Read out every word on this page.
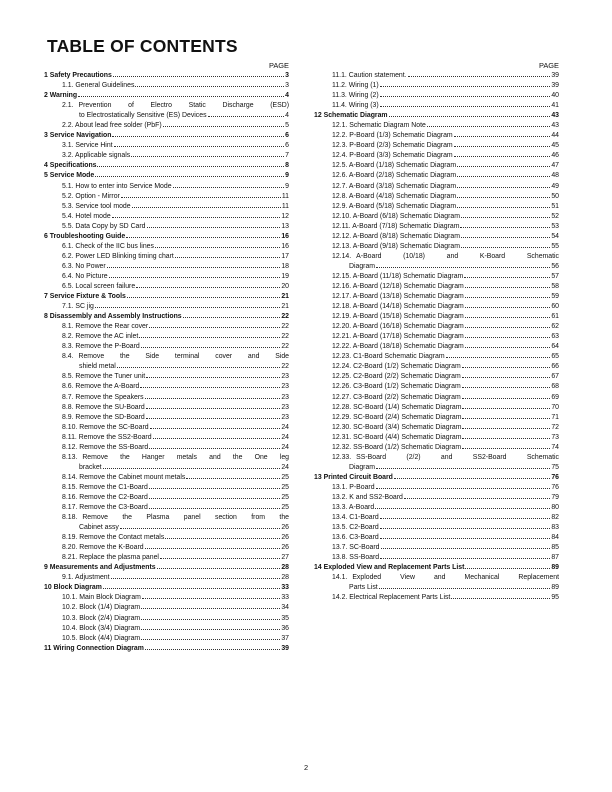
TABLE OF CONTENTS
PAGE
1 Safety Precautions	3
1.1. General Guidelines	3
2 Warning	4
2.1. Prevention of Electro Static Discharge (ESD)
to Electrostatically Sensitive (ES) Devices	4
2.2. About lead free solder (PbF)	5
3 Service Navigation	6
3.1. Service Hint	6
3.2. Applicable signals	7
4 Specifications	8
5 Service Mode	9
5.1. How to enter into Service Mode	9
5.2. Option - Mirror	11
5.3. Service tool mode	11
5.4. Hotel mode	12
5.5. Data Copy by SD Card	13
6 Troubleshooting Guide	16
6.1. Check of the IIC bus lines	16
6.2. Power LED Blinking timing chart	17
6.3. No Power	18
6.4. No Picture	19
6.5. Local screen failure	20
7 Service Fixture & Tools	21
7.1. SC jig	21
8 Disassembly and Assembly Instructions	22
8.1. Remove the Rear cover	22
8.2. Remove the AC inlet	22
8.3. Remove the P-Board	22
8.4. Remove the Side terminal cover and Side
shield metal	22
8.5. Remove the Tuner unit	23
8.6. Remove the A-Board	23
8.7. Remove the Speakers	23
8.8. Remove the SU-Board	23
8.9. Remove the SD-Board	23
8.10. Remove the SC-Board	24
8.11. Remove the SS2-Board	24
8.12. Remove the SS-Board	24
8.13. Remove the Hanger metals and the One leg
bracket	24
8.14. Remove the Cabinet mount metals	25
8.15. Remove the C1-Board	25
8.16. Remove the C2-Board	25
8.17. Remove the C3-Board	25
8.18. Remove the Plasma panel section from the
Cabinet assy	26
8.19. Remove the Contact metals	26
8.20. Remove the K-Board	26
8.21. Replace the plasma panel	27
9 Measurements and Adjustments	28
9.1. Adjustment	28
10 Block Diagram	33
10.1. Main Block Diagram	33
10.2. Block (1/4) Diagram	34
10.3. Block (2/4) Diagram	35
10.4. Block (3/4) Diagram	36
10.5. Block (4/4) Diagram	37
11 Wiring Connection Diagram	39
PAGE
11.1. Caution statement.	39
11.2. Wiring (1)	39
11.3. Wiring (2)	40
11.4. Wiring (3)	41
12 Schematic Diagram	43
12.1. Schematic Diagram Note	43
12.2. P-Board (1/3) Schematic Diagram	44
12.3. P-Board (2/3) Schematic Diagram	45
12.4. P-Board (3/3) Schematic Diagram	46
12.5. A-Board (1/18) Schematic Diagram	47
12.6. A-Board (2/18) Schematic Diagram	48
12.7. A-Board (3/18) Schematic Diagram	49
12.8. A-Board (4/18) Schematic Diagram	50
12.9. A-Board (5/18) Schematic Diagram	51
12.10. A-Board (6/18) Schematic Diagram	52
12.11. A-Board (7/18) Schematic Diagram	53
12.12. A-Board (8/18) Schematic Diagram	54
12.13. A-Board (9/18) Schematic Diagram	55
12.14. A-Board (10/18) and K-Board Schematic
Diagram	56
12.15. A-Board (11/18) Schematic Diagram	57
12.16. A-Board (12/18) Schematic Diagram	58
12.17. A-Board (13/18) Schematic Diagram	59
12.18. A-Board (14/18) Schematic Diagram	60
12.19. A-Board (15/18) Schematic Diagram	61
12.20. A-Board (16/18) Schematic Diagram	62
12.21. A-Board (17/18) Schematic Diagram	63
12.22. A-Board (18/18) Schematic Diagram	64
12.23. C1-Board Schematic Diagram	65
12.24. C2-Board (1/2) Schematic Diagram	66
12.25. C2-Board (2/2) Schematic Diagram	67
12.26. C3-Board (1/2) Schematic Diagram	68
12.27. C3-Board (2/2) Schematic Diagram	69
12.28. SC-Board (1/4) Schematic Diagram	70
12.29. SC-Board (2/4) Schematic Diagram	71
12.30. SC-Board (3/4) Schematic Diagram	72
12.31. SC-Board (4/4) Schematic Diagram	73
12.32. SS-Board (1/2) Schematic Diagram	74
12.33. SS-Board (2/2) and SS2-Board Schematic
Diagram	75
13 Printed Circuit Board	76
13.1. P-Board	76
13.2. K and SS2-Board	79
13.3. A-Board	80
13.4. C1-Board	82
13.5. C2-Board	83
13.6. C3-Board	84
13.7. SC-Board	85
13.8. SS-Board	87
14 Exploded View and Replacement Parts List	89
14.1. Exploded View and Mechanical Replacement
Parts List	89
14.2. Electrical Replacement Parts List	95
2
